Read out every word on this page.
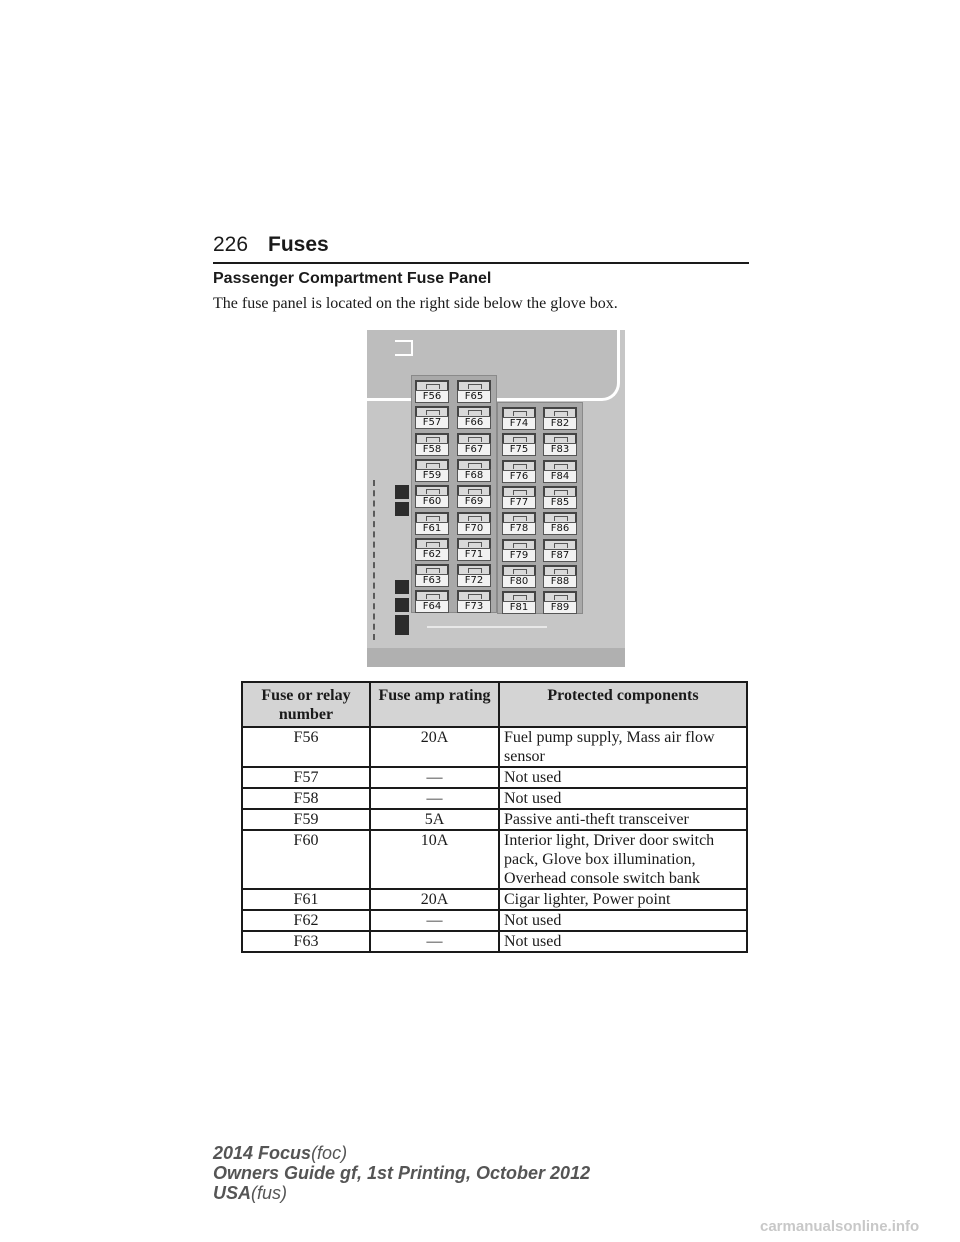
226 Fuses
Passenger Compartment Fuse Panel
The fuse panel is located on the right side below the glove box.
F56
F57
F58
F59
F60
F61
F62
F63
F64
F65
F66
F67
F68
F69
F70
F71
F72
F73
F74
F75
F76
F77
F78
F79
F80
F81
F82
F83
F84
F85
F86
F87
F88
F89
Fuse or relay number	Fuse amp rating	Protected components
F56	20A	Fuel pump supply, Mass air flow sensor
F57	—	Not used
F58	—	Not used
F59	5A	Passive anti-theft transceiver
F60	10A	Interior light, Driver door switch pack, Glove box illumination, Overhead console switch bank
F61	20A	Cigar lighter, Power point
F62	—	Not used
F63	—	Not used
2014 Focus(foc)
Owners Guide gf, 1st Printing, October 2012
USA(fus)
carmanualsonline.info
